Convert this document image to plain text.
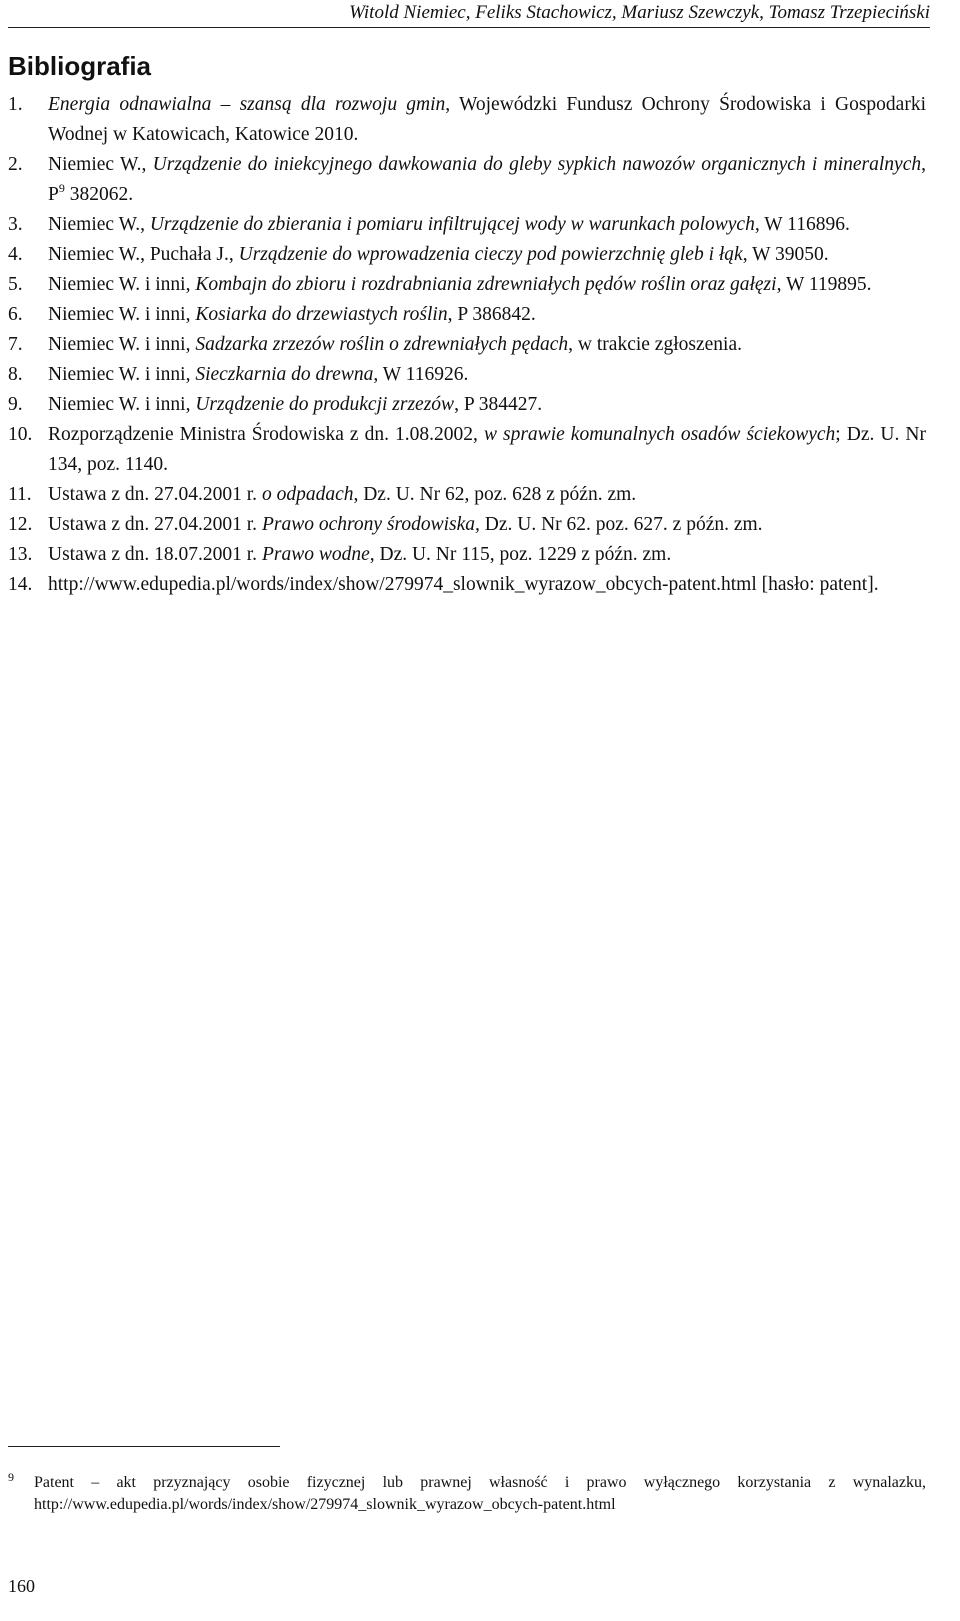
Witold Niemiec, Feliks Stachowicz, Mariusz Szewczyk, Tomasz Trzepieciński
Bibliografia
1. Energia odnawialna – szansą dla rozwoju gmin, Wojewódzki Fundusz Ochrony Środowiska i Gospodarki Wodnej w Katowicach, Katowice 2010.
2. Niemiec W., Urządzenie do iniekcyjnego dawkowania do gleby sypkich nawozów organicznych i mineralnych, $P^9$ 382062.
3. Niemiec W., Urządzenie do zbierania i pomiaru infiltrującej wody w warunkach polowych, W 116896.
4. Niemiec W., Puchała J., Urządzenie do wprowadzenia cieczy pod powierzchnię gleb i łąk, W 39050.
5. Niemiec W. i inni, Kombajn do zbioru i rozdrabniania zdrewniałych pędów roślin oraz gałęzi, W 119895.
6. Niemiec W. i inni, Kosiarka do drzewiastych roślin, P 386842.
7. Niemiec W. i inni, Sadzarka zrzezów roślin o zdrewniałych pędach, w trakcie zgłoszenia.
8. Niemiec W. i inni, Sieczkarnia do drewna, W 116926.
9. Niemiec W. i inni, Urządzenie do produkcji zrzezów, P 384427.
10. Rozporządzenie Ministra Środowiska z dn. 1.08.2002, w sprawie komunalnych osadów ściekowych; Dz. U. Nr 134, poz. 1140.
11. Ustawa z dn. 27.04.2001 r. o odpadach, Dz. U. Nr 62, poz. 628 z późn. zm.
12. Ustawa z dn. 27.04.2001 r. Prawo ochrony środowiska, Dz. U. Nr 62. poz. 627. z późn. zm.
13. Ustawa z dn. 18.07.2001 r. Prawo wodne, Dz. U. Nr 115, poz. 1229 z późn. zm.
14. http://www.edupedia.pl/words/index/show/279974_slownik_wyrazow_obcych-patent.html [hasło: patent].
9	Patent – akt przyznający osobie fizycznej lub prawnej własność i prawo wyłącznego korzystania z wynalazku, http://www.edupedia.pl/words/index/show/279974_slownik_wyrazow_obcych-patent.html
160
